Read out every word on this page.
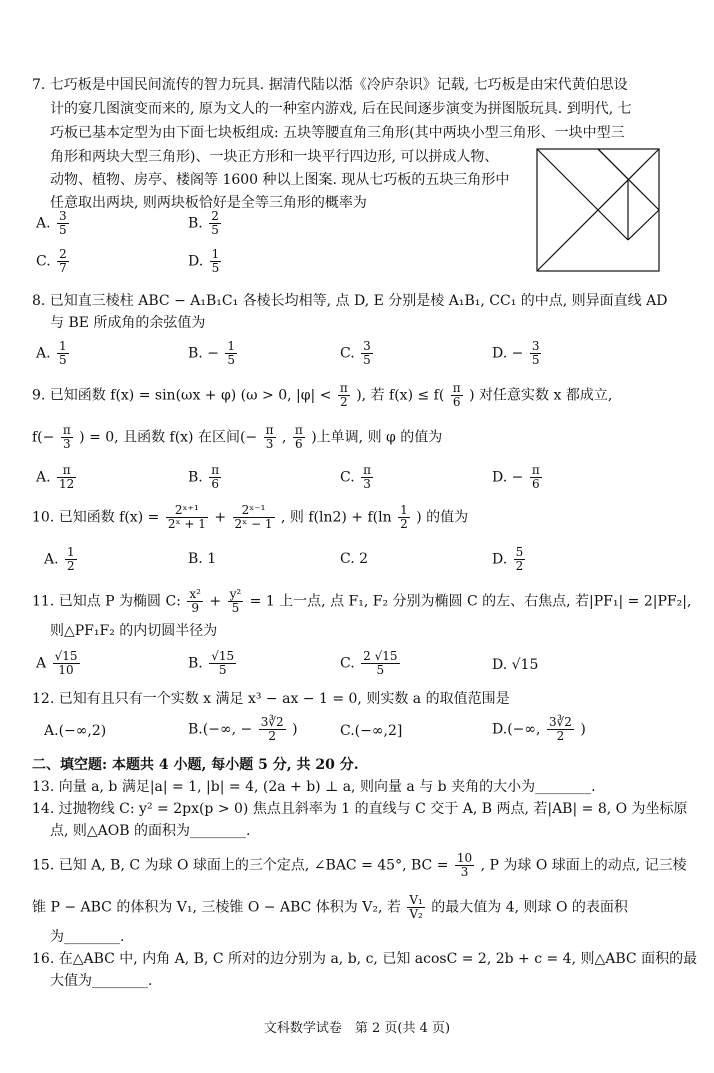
7. 七巧板是中国民间流传的智力玩具. 据清代陆以湉《冷庐杂识》记载, 七巧板是由宋代黄伯思设
计的宴几图演变而来的, 原为文人的一种室内游戏, 后在民间逐步演变为拼图版玩具. 到明代, 七
巧板已基本定型为由下面七块板组成: 五块等腰直角三角形(其中两块小型三角形、一块中型三
角形和两块大型三角形)、一块正方形和一块平行四边形, 可以拼成人物、
动物、植物、房亭、楼阁等 1600 种以上图案. 现从七巧板的五块三角形中
任意取出两块, 则两块板恰好是全等三角形的概率为
A. $\frac{3}{5}$	B. $\frac{2}{5}$
C. $\frac{2}{7}$	D. $\frac{1}{5}$
8. 已知直三棱柱 ABC − A₁B₁C₁ 各棱长均相等, 点 D, E 分别是棱 A₁B₁, CC₁ 的中点, 则异面直线 AD
与 BE 所成角的余弦值为
A. $\frac{1}{5}$	B. − $\frac{1}{5}$	C. $\frac{3}{5}$	D. − $\frac{3}{5}$
9. 已知函数 f(x) = sin(ωx + φ) (ω > 0, $|\varphi| < \frac{\pi}{2}$ ), 若 $f(x) \le f( \frac{\pi}{6}$ ) 对任意实数 x 都成立,
$f(- \frac{\pi}{3}$ ) = 0, 且函数 f(x) 在区间(− $\frac{\pi}{3}$ , $\frac{\pi}{6}$ )上单调, 则 φ 的值为
A. $\frac{\pi}{12}$	B. $\frac{\pi}{6}$	C. $\frac{\pi}{3}$	D. − $\frac{\pi}{6}$
10. 已知函数 $f(x) = \frac{\text{2ˣ⁺¹}}{\text{2ˣ + 1}} + \frac{\text{2ˣ⁻¹}}{\text{2ˣ − 1}}$ , 则 $f(\ln 2) + f(\ln \frac{1}{2}$ ) 的值为
A. $\frac{1}{2}$	B. 1	C. 2	D. $\frac{5}{2}$
11. 已知点 P 为椭圆 C: $\frac{\text{x²}}{9} + \frac{\text{y²}}{5} = 1$ 上一点, 点 F₁, F₂ 分别为椭圆 C 的左、右焦点, 若|PF₁| = 2|PF₂|,
则△PF₁F₂ 的内切圆半径为
A $\frac{√15}{10}$	B. $\frac{√15}{5}$	C. $\frac{2 √15}{5}$	D. √15
12. 已知有且只有一个实数 x 满足 x³ − ax − 1 = 0, 则实数 a 的取值范围是
A.(−∞,2)	B.(−∞, − $\frac{3∛2}{2}$ )	C.(−∞,2]	D.(−∞, $\frac{3∛2}{2}$ )
二、填空题: 本题共 4 小题, 每小题 5 分, 共 20 分.
13. 向量 a, b 满足|a| = 1, |b| = 4, (2a + b) ⊥ a, 则向量 a 与 b 夹角的大小为________.
14. 过抛物线 C: y² = 2px(p > 0) 焦点且斜率为 1 的直线与 C 交于 A, B 两点, 若|AB| = 8, O 为坐标原
点, 则△AOB 的面积为________.
15. 已知 A, B, C 为球 O 球面上的三个定点, ∠BAC = 45°, BC = $\frac{10}{3}$ , P 为球 O 球面上的动点, 记三棱
锥 P − ABC 的体积为 V₁, 三棱锥 O − ABC 体积为 V₂, 若 $\frac{\text{V₁}}{\text{V₂}}$ 的最大值为 4, 则球 O 的表面积
为________.
16. 在△ABC 中, 内角 A, B, C 所对的边分别为 a, b, c, 已知 acosC = 2, 2b + c = 4, 则△ABC 面积的最
大值为________.
文科数学试卷　第 2 页(共 4 页)
